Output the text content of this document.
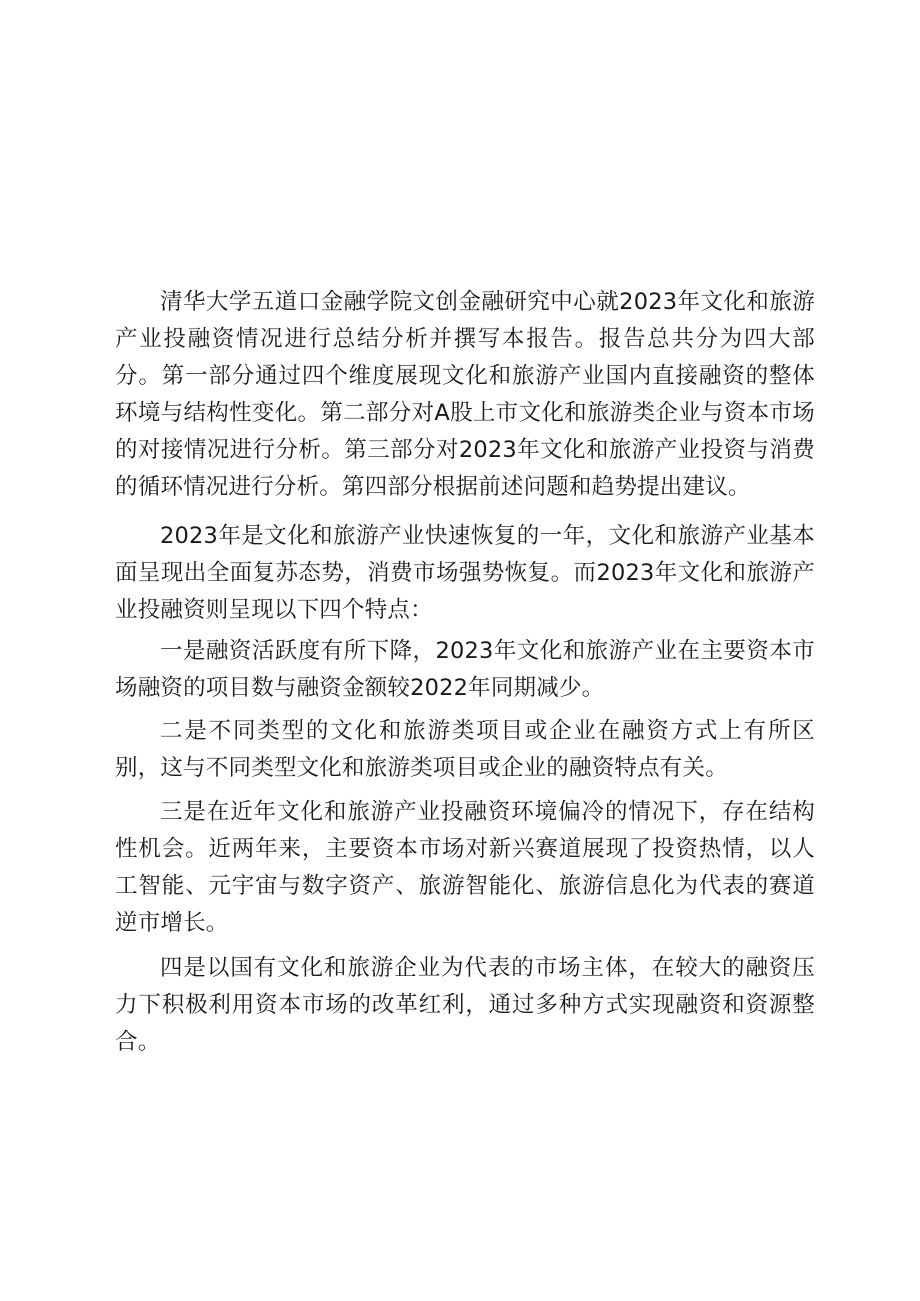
清华大学五道口金融学院文创金融研究中心就2023年文化和旅游产业投融资情况进行总结分析并撰写本报告。报告总共分为四大部分。第一部分通过四个维度展现文化和旅游产业国内直接融资的整体环境与结构性变化。第二部分对A股上市文化和旅游类企业与资本市场的对接情况进行分析。第三部分对2023年文化和旅游产业投资与消费的循环情况进行分析。第四部分根据前述问题和趋势提出建议。

2023年是文化和旅游产业快速恢复的一年，文化和旅游产业基本面呈现出全面复苏态势，消费市场强势恢复。而2023年文化和旅游产业投融资则呈现以下四个特点：

一是融资活跃度有所下降，2023年文化和旅游产业在主要资本市场融资的项目数与融资金额较2022年同期减少。

二是不同类型的文化和旅游类项目或企业在融资方式上有所区别，这与不同类型文化和旅游类项目或企业的融资特点有关。

三是在近年文化和旅游产业投融资环境偏冷的情况下，存在结构性机会。近两年来，主要资本市场对新兴赛道展现了投资热情，以人工智能、元宇宙与数字资产、旅游智能化、旅游信息化为代表的赛道逆市增长。

四是以国有文化和旅游企业为代表的市场主体，在较大的融资压力下积极利用资本市场的改革红利，通过多种方式实现融资和资源整合。
